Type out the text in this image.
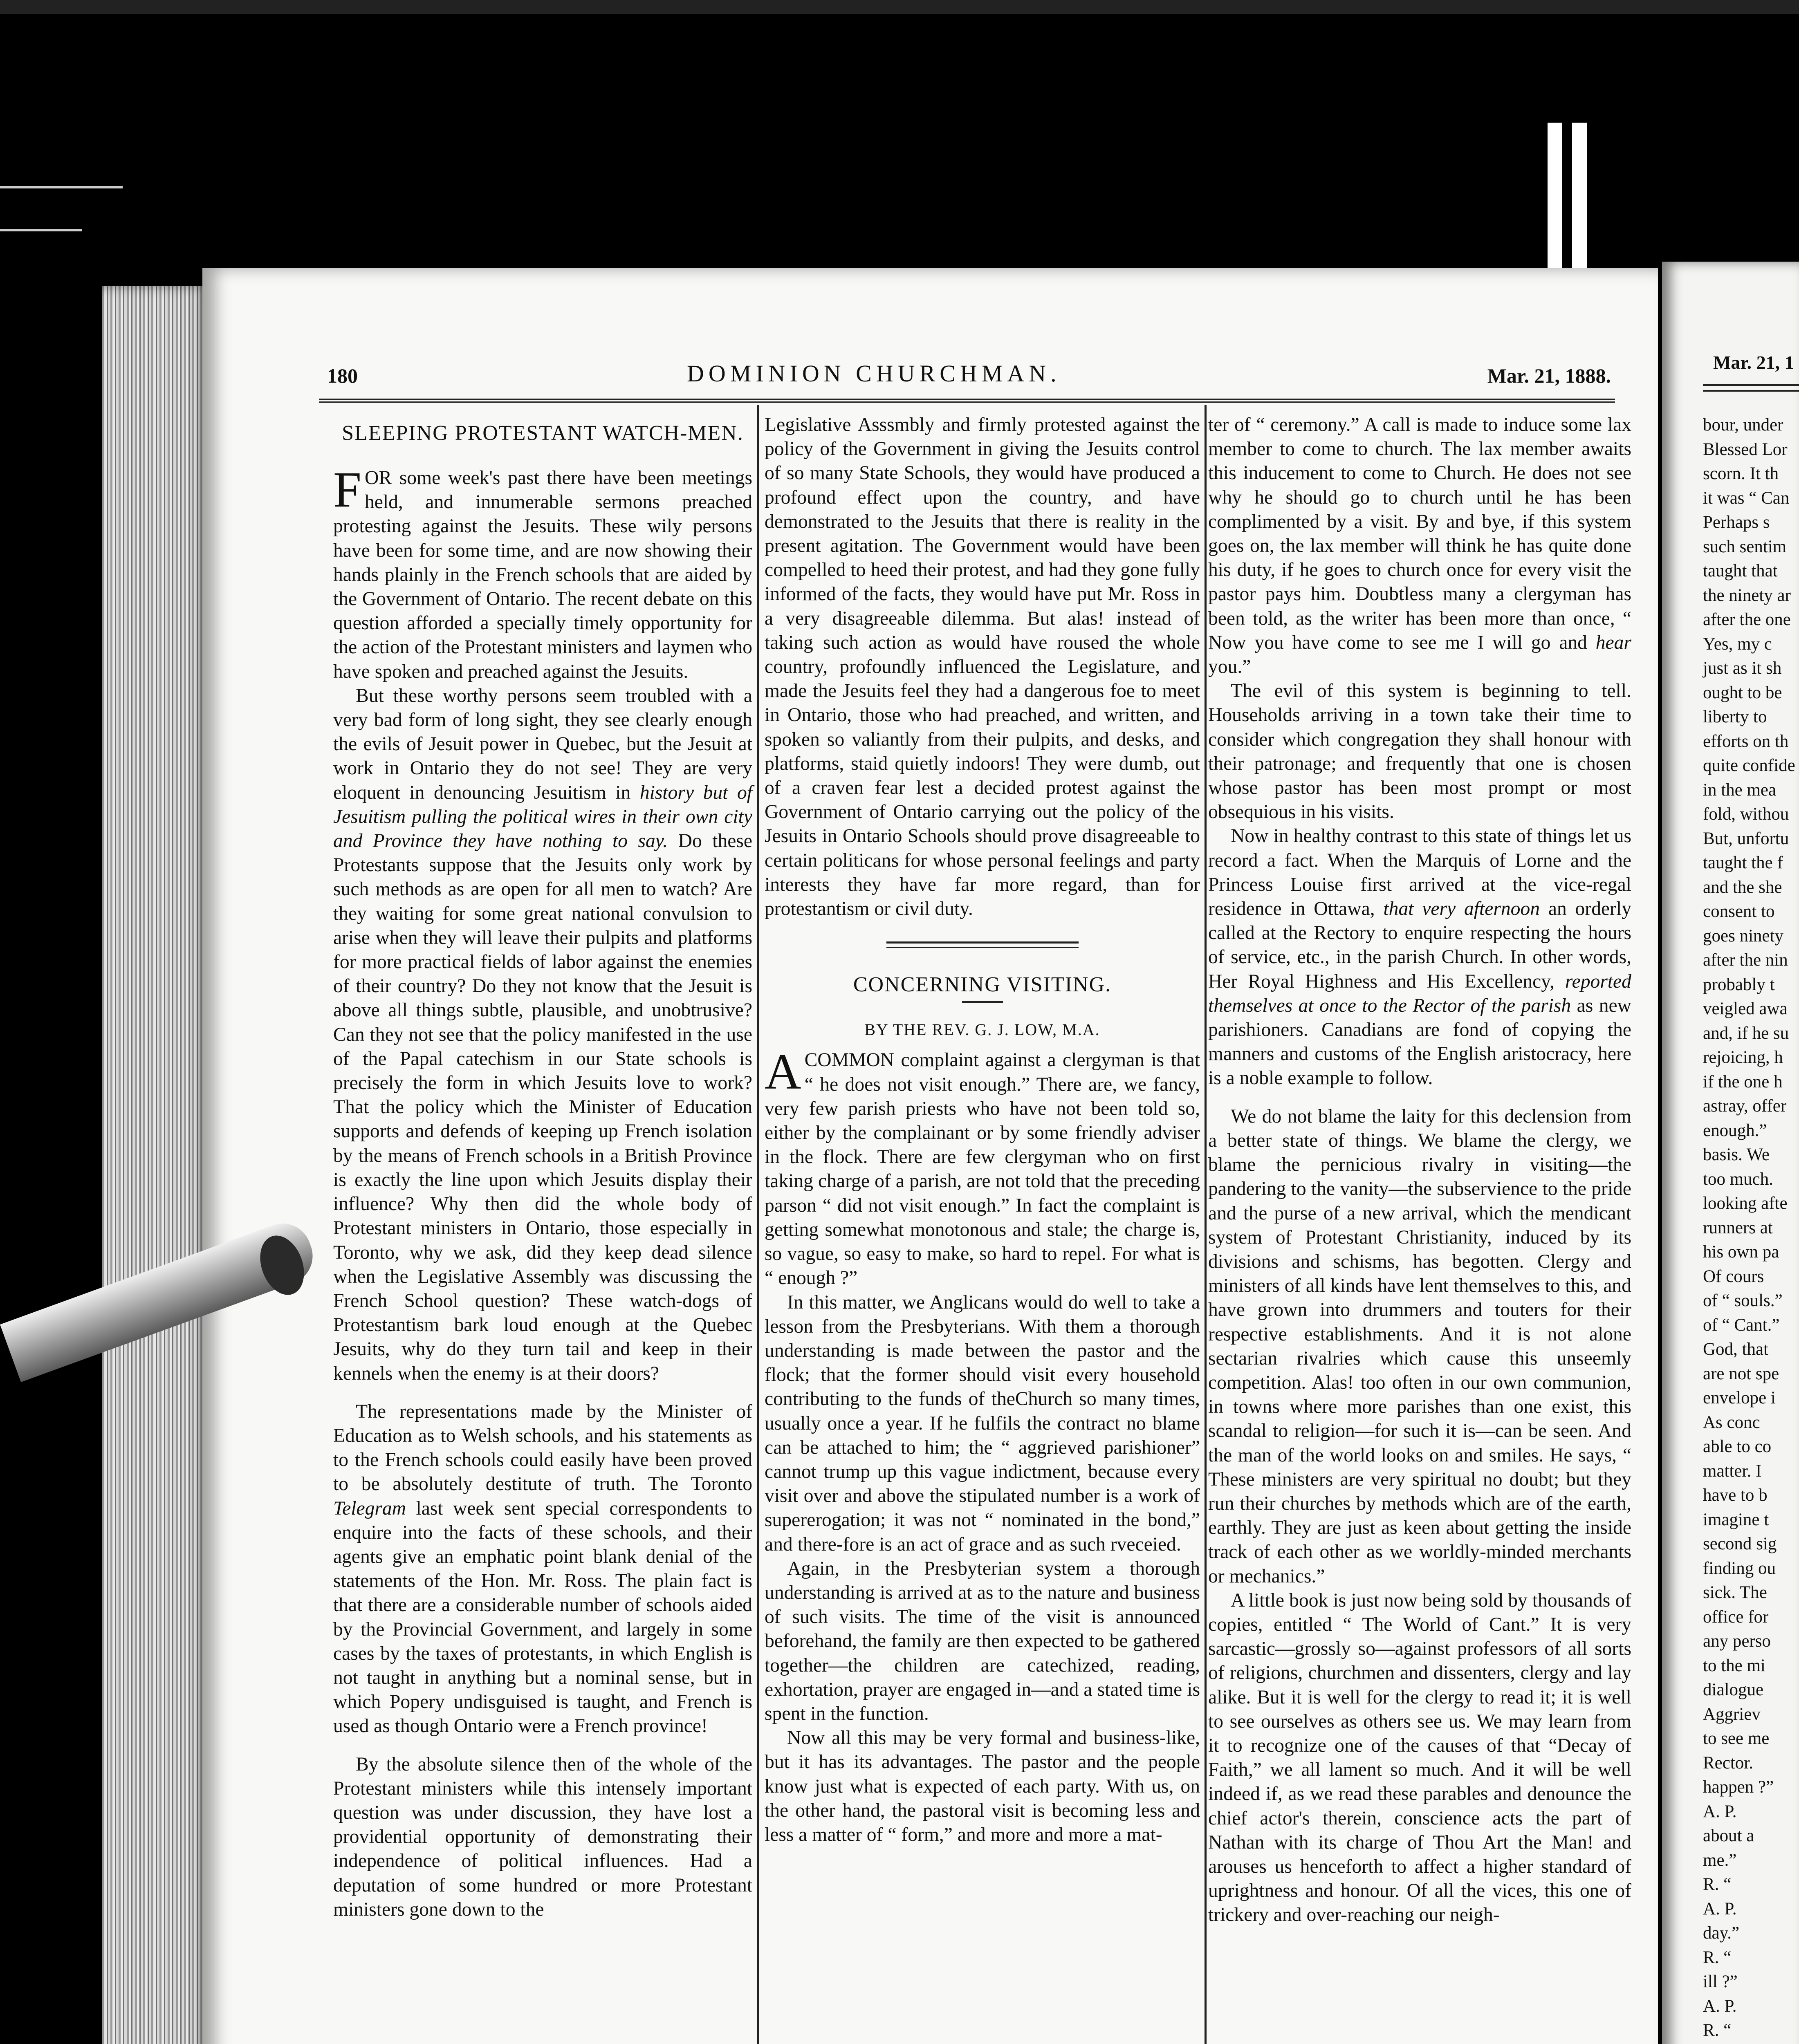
Mar. 21, 1
bour, under
Blessed Lor
scorn. It th
it was “ Can
Perhaps s
such sentim
taught that
the ninety ar
after the one
Yes, my c
just as it sh
ought to be
liberty to
efforts on th
quite confide
in the mea
fold, withou
But, unfortu
taught the f
and the she
consent to
goes ninety
after the nin
probably t
veigled awa
and, if he su
rejoicing, h
if the one h
astray, offer
enough.”
basis. We
too much.
looking afte
runners at
his own pa
Of cours
of “ souls.”
of “ Cant.”
God, that
are not spe
envelope i
As conc
able to co
matter. I
have to b
imagine t
second sig
finding ou
sick. The
office for
any perso
to the mi
dialogue
Aggriev
to see me
Rector.
happen ?”
A. P.
about a
me.”
R. “
A. P.
day.”
R. “
ill ?”
A. P.
R. “
180	DOMINION CHURCHMAN.	Mar. 21, 1888.
SLEEPING PROTESTANT WATCH-MEN.

FOR some week's past there have been meetings held, and innumerable sermons preached protesting against the Jesuits. These wily persons have been for some time, and are now showing their hands plainly in the French schools that are aided by the Government of Ontario. The recent debate on this question afforded a specially timely opportunity for the action of the Protestant ministers and laymen who have spoken and preached against the Jesuits.

But these worthy persons seem troubled with a very bad form of long sight, they see clearly enough the evils of Jesuit power in Quebec, but the Jesuit at work in Ontario they do not see! They are very eloquent in denouncing Jesuitism in history but of Jesuitism pulling the political wires in their own city and Province they have nothing to say. Do these Protestants suppose that the Jesuits only work by such methods as are open for all men to watch? Are they waiting for some great national convulsion to arise when they will leave their pulpits and platforms for more practical fields of labor against the enemies of their country? Do they not know that the Jesuit is above all things subtle, plausible, and unobtrusive? Can they not see that the policy manifested in the use of the Papal catechism in our State schools is precisely the form in which Jesuits love to work? That the policy which the Minister of Education supports and defends of keeping up French isolation by the means of French schools in a British Province is exactly the line upon which Jesuits display their influence? Why then did the whole body of Protestant ministers in Ontario, those especially in Toronto, why we ask, did they keep dead silence when the Legislative Assembly was discussing the French School question? These watch-dogs of Protestantism bark loud enough at the Quebec Jesuits, why do they turn tail and keep in their kennels when the enemy is at their doors?

The representations made by the Minister of Education as to Welsh schools, and his statements as to the French schools could easily have been proved to be absolutely destitute of truth. The Toronto Telegram last week sent special correspondents to enquire into the facts of these schools, and their agents give an emphatic point blank denial of the statements of the Hon. Mr. Ross. The plain fact is that there are a considerable number of schools aided by the Provincial Government, and largely in some cases by the taxes of protestants, in which English is not taught in anything but a nominal sense, but in which Popery undisguised is taught, and French is used as though Ontario were a French province!

By the absolute silence then of the whole of the Protestant ministers while this intensely important question was under discussion, they have lost a providential opportunity of demonstrating their independence of political influences. Had a deputation of some hundred or more Protestant ministers gone down to the

Legislative Asssmbly and firmly protested against the policy of the Government in giving the Jesuits control of so many State Schools, they would have produced a profound effect upon the country, and have demonstrated to the Jesuits that there is reality in the present agitation. The Government would have been compelled to heed their protest, and had they gone fully informed of the facts, they would have put Mr. Ross in a very disagreeable dilemma. But alas! instead of taking such action as would have roused the whole country, profoundly influenced the Legislature, and made the Jesuits feel they had a dangerous foe to meet in Ontario, those who had preached, and written, and spoken so valiantly from their pulpits, and desks, and platforms, staid quietly indoors! They were dumb, out of a craven fear lest a decided protest against the Government of Ontario carrying out the policy of the Jesuits in Ontario Schools should prove disagreeable to certain politicans for whose personal feelings and party interests they have far more regard, than for protestantism or civil duty.

CONCERNING VISITING.
BY THE REV. G. J. LOW, M.A.

ACOMMON complaint against a clergyman is that “ he does not visit enough.” There are, we fancy, very few parish priests who have not been told so, either by the complainant or by some friendly adviser in the flock. There are few clergyman who on first taking charge of a parish, are not told that the preceding parson “ did not visit enough.” In fact the complaint is getting somewhat monotonous and stale; the charge is, so vague, so easy to make, so hard to repel. For what is “ enough ?”

In this matter, we Anglicans would do well to take a lesson from the Presbyterians. With them a thorough understanding is made between the pastor and the flock; that the former should visit every household contributing to the funds of theChurch so many times, usually once a year. If he fulfils the contract no blame can be attached to him; the “ aggrieved parishioner” cannot trump up this vague indictment, because every visit over and above the stipulated number is a work of supererogation; it was not “ nominated in the bond,” and there-fore is an act of grace and as such rveceied.

Again, in the Presbyterian system a thorough understanding is arrived at as to the nature and business of such visits. The time of the visit is announced beforehand, the family are then expected to be gathered together—the children are catechized, reading, exhortation, prayer are engaged in—and a stated time is spent in the function.

Now all this may be very formal and business-like, but it has its advantages. The pastor and the people know just what is expected of each party. With us, on the other hand, the pastoral visit is becoming less and less a matter of “ form,” and more and more a mat-

ter of “ ceremony.” A call is made to induce some lax member to come to church. The lax member awaits this inducement to come to Church. He does not see why he should go to church until he has been complimented by a visit. By and bye, if this system goes on, the lax member will think he has quite done his duty, if he goes to church once for every visit the pastor pays him. Doubtless many a clergyman has been told, as the writer has been more than once, “ Now you have come to see me I will go and hear you.”

The evil of this system is beginning to tell. Households arriving in a town take their time to consider which congregation they shall honour with their patronage; and frequently that one is chosen whose pastor has been most prompt or most obsequious in his visits.

Now in healthy contrast to this state of things let us record a fact. When the Marquis of Lorne and the Princess Louise first arrived at the vice-regal residence in Ottawa, that very afternoon an orderly called at the Rectory to enquire respecting the hours of service, etc., in the parish Church. In other words, Her Royal Highness and His Excellency, reported themselves at once to the Rector of the parish as new parishioners. Canadians are fond of copying the manners and customs of the English aristocracy, here is a noble example to follow.

We do not blame the laity for this declension from a better state of things. We blame the clergy, we blame the pernicious rivalry in visiting—the pandering to the vanity—the subservience to the pride and the purse of a new arrival, which the mendicant system of Protestant Christianity, induced by its divisions and schisms, has begotten. Clergy and ministers of all kinds have lent themselves to this, and have grown into drummers and touters for their respective establishments. And it is not alone sectarian rivalries which cause this unseemly competition. Alas! too often in our own communion, in towns where more parishes than one exist, this scandal to religion—for such it is—can be seen. And the man of the world looks on and smiles. He says, “ These ministers are very spiritual no doubt; but they run their churches by methods which are of the earth, earthly. They are just as keen about getting the inside track of each other as we worldly-minded merchants or mechanics.”

A little book is just now being sold by thousands of copies, entitled “ The World of Cant.” It is very sarcastic—grossly so—against professors of all sorts of religions, churchmen and dissenters, clergy and lay alike. But it is well for the clergy to read it; it is well to see ourselves as others see us. We may learn from it to recognize one of the causes of that “Decay of Faith,” we all lament so much. And it will be well indeed if, as we read these parables and denounce the chief actor's therein, conscience acts the part of Nathan with its charge of Thou Art the Man! and arouses us henceforth to affect a higher standard of uprightness and honour. Of all the vices, this one of trickery and over-reaching our neigh-
